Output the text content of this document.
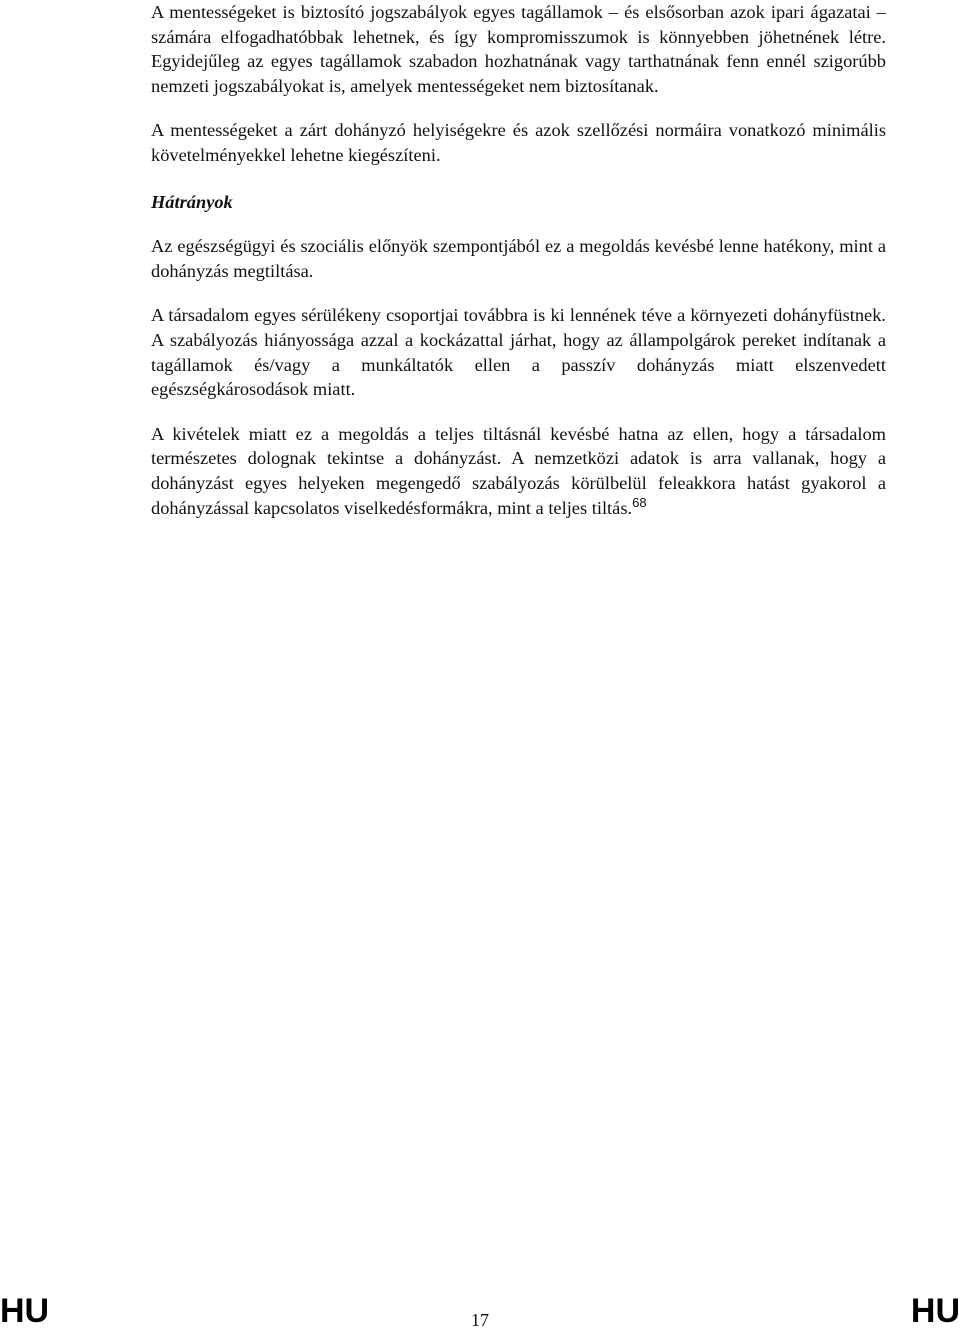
A mentességeket is biztosító jogszabályok egyes tagállamok – és elsősorban azok ipari ágazatai – számára elfogadhatóbbak lehetnek, és így kompromisszumok is könnyebben jöhetnének létre. Egyidejűleg az egyes tagállamok szabadon hozhatnának vagy tarthatnának fenn ennél szigorúbb nemzeti jogszabályokat is, amelyek mentességeket nem biztosítanak.

A mentességeket a zárt dohányzó helyiségekre és azok szellőzési normáira vonatkozó minimális követelményekkel lehetne kiegészíteni.

Hátrányok

Az egészségügyi és szociális előnyök szempontjából ez a megoldás kevésbé lenne hatékony, mint a dohányzás megtiltása.

A társadalom egyes sérülékeny csoportjai továbbra is ki lennének téve a környezeti dohányfüstnek. A szabályozás hiányossága azzal a kockázattal járhat, hogy az állampolgárok pereket indítanak a tagállamok és/vagy a munkáltatók ellen a passzív dohányzás miatt elszenvedett egészségkárosodások miatt.

A kivételek miatt ez a megoldás a teljes tiltásnál kevésbé hatna az ellen, hogy a társadalom természetes dolognak tekintse a dohányzást. A nemzetközi adatok is arra vallanak, hogy a dohányzást egyes helyeken megengedő szabályozás körülbelül feleakkora hatást gyakorol a dohányzással kapcsolatos viselkedésformákra, mint a teljes tiltás.$^{68}$

HU	17	HU
